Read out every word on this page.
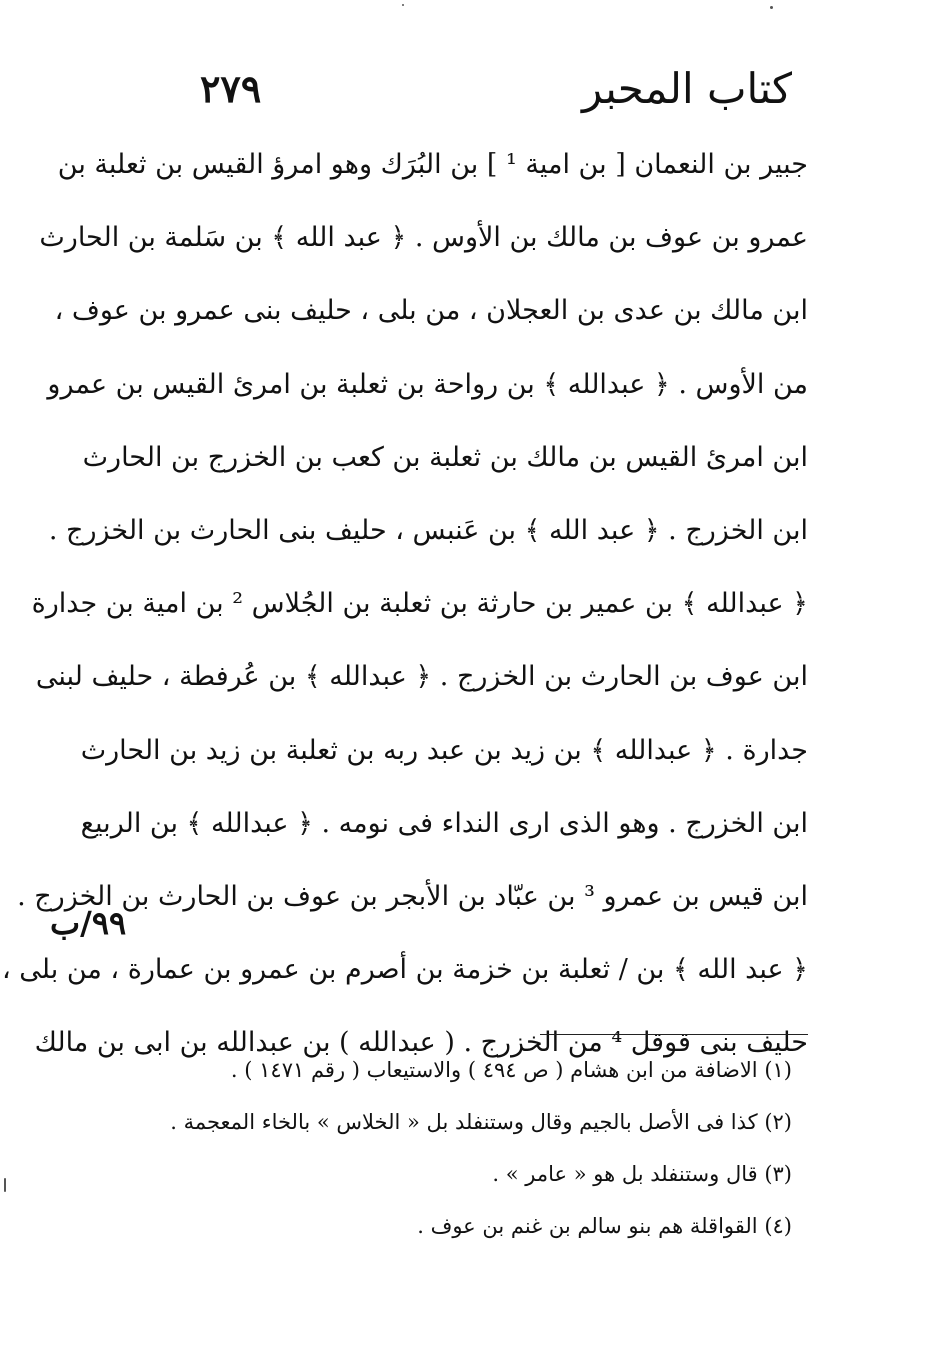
كتاب المحبر
٢٧٩
جبير بن النعمان [ بن امية ¹ ] بن البُرَك وهو امرؤ القيس بن ثعلبة بن
عمرو بن عوف بن مالك بن الأوس . ﴿ عبد الله ﴾ بن سَلمة بن الحارث
ابن مالك بن عدى بن العجلان ، من بلى ، حليف بنى عمرو بن عوف ،
من الأوس . ﴿ عبدالله ﴾ بن رواحة بن ثعلبة بن امرئ القيس بن عمرو
ابن امرئ القيس بن مالك بن ثعلبة بن كعب بن الخزرج بن الحارث
ابن الخزرج . ﴿ عبد الله ﴾ بن عَنبس ، حليف بنى الحارث بن الخزرج .
﴿ عبدالله ﴾ بن عمير بن حارثة بن ثعلبة بن الجُلاس ² بن امية بن جدارة
ابن عوف بن الحارث بن الخزرج . ﴿ عبدالله ﴾ بن عُرفطة ، حليف لبنى
جدارة . ﴿ عبدالله ﴾ بن زيد بن عبد ربه بن ثعلبة بن زيد بن الحارث
ابن الخزرج . وهو الذى ارى النداء فى نومه . ﴿ عبدالله ﴾ بن الربيع
ابن قيس بن عمرو ³ بن عبّاد بن الأبجر بن عوف بن الحارث بن الخزرج .
﴿ عبد الله ﴾ بن / ثعلبة بن خزمة بن أصرم بن عمرو بن عمارة ، من بلى ،
حليف بنى قوقل ⁴ من الخزرج . ( عبدالله ) بن عبدالله بن ابى بن مالك
٩٩/ب
(١) الاضافة من ابن هشام ( ص ٤٩٤ ) والاستيعاب ( رقم ١٤٧١ ) .
(٢) كذا فى الأصل بالجيم وقال وستنفلد بل « الخلاس » بالخاء المعجمة .
(٣) قال وستنفلد بل هو « عامر » .
(٤) القواقلة هم بنو سالم بن غنم بن عوف .
